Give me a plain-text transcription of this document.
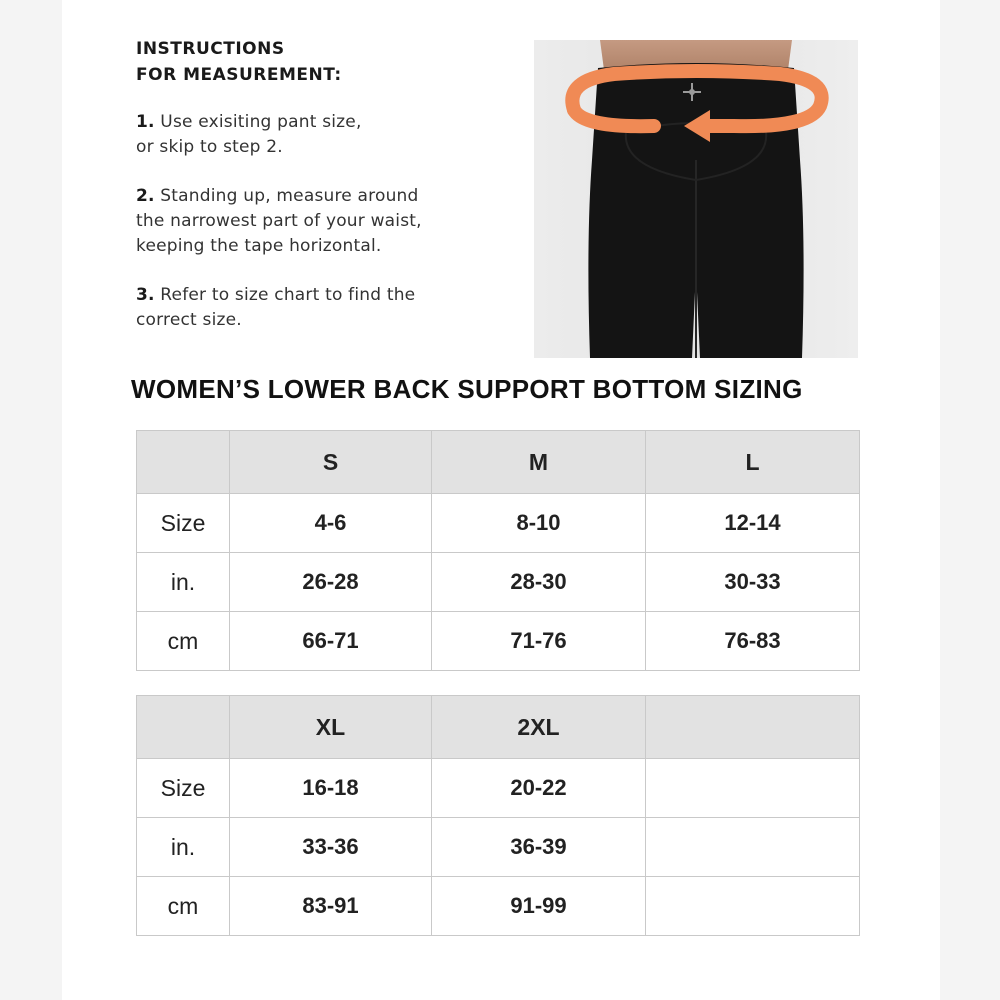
INSTRUCTIONS
FOR MEASUREMENT:
1. Use exisiting pant size,
or skip to step 2.
2. Standing up, measure around
the narrowest part of your waist,
keeping the tape horizontal.
3. Refer to size chart to find the
correct size.
WOMEN’S LOWER BACK SUPPORT BOTTOM SIZING
	S	M	L
Size	4-6	8-10	12-14
in.	26-28	28-30	30-33
cm	66-71	71-76	76-83
	XL	2XL	
Size	16-18	20-22	
in.	33-36	36-39	
cm	83-91	91-99	
